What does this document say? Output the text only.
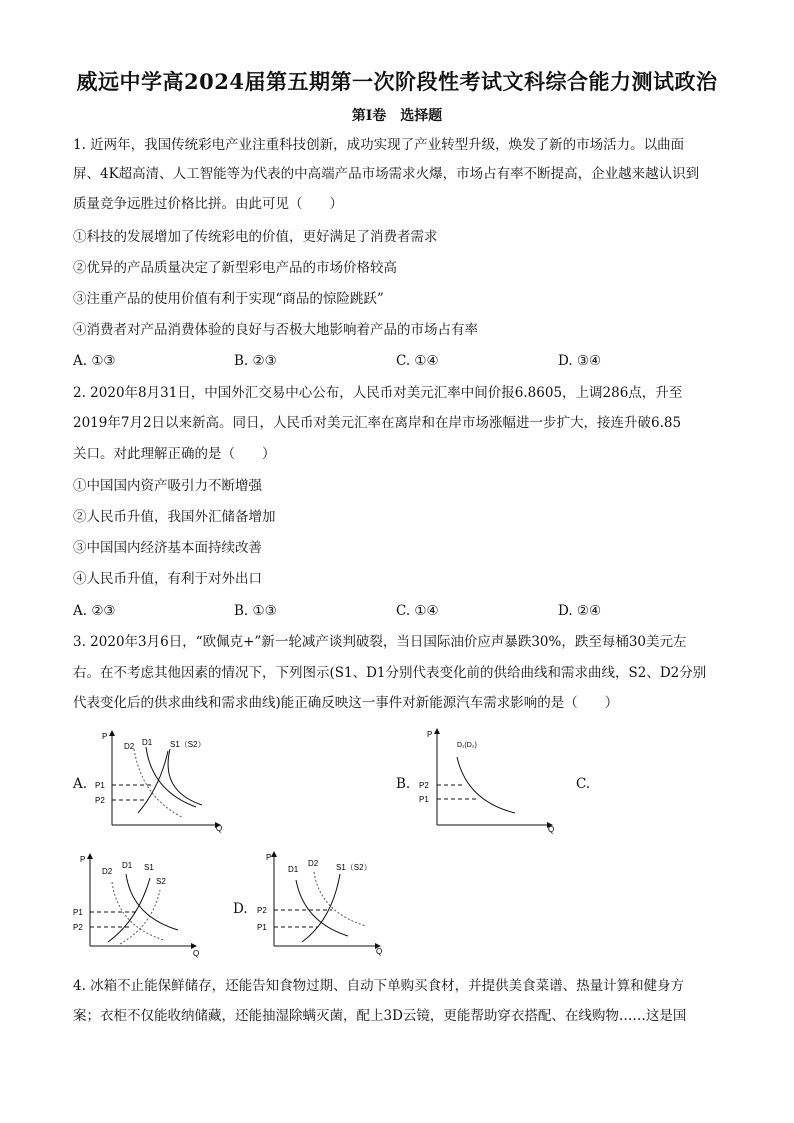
威远中学高2024届第五期第一次阶段性考试文科综合能力测试政治
第Ⅰ卷　选择题
1. 近两年，我国传统彩电产业注重科技创新，成功实现了产业转型升级，焕发了新的市场活力。以曲面
屏、4K超高清、人工智能等为代表的中高端产品市场需求火爆，市场占有率不断提高，企业越来越认识到
质量竞争远胜过价格比拼。由此可见（　　）
①科技的发展增加了传统彩电的价值，更好满足了消费者需求
②优异的产品质量决定了新型彩电产品的市场价格较高
③注重产品的使用价值有利于实现“商品的惊险跳跃”
④消费者对产品消费体验的良好与否极大地影响着产品的市场占有率
A. ①③	B. ②③	C. ①④	D. ③④
2. 2020年8月31日，中国外汇交易中心公布，人民币对美元汇率中间价报6.8605，上调286点，升至
2019年7月2日以来新高。同日，人民币对美元汇率在离岸和在岸市场涨幅进一步扩大，接连升破6.85
关口。对此理解正确的是（　　）
①中国国内资产吸引力不断增强
②人民币升值，我国外汇储备增加
③中国国内经济基本面持续改善
④人民币升值，有利于对外出口
A. ②③	B. ①③	C. ①④	D. ②④
3. 2020年3月6日，“欧佩克+”新一轮减产谈判破裂，当日国际油价应声暴跌30%，跌至每桶30美元左
右。在不考虑其他因素的情况下，下列图示(S1、D1分别代表变化前的供给曲线和需求曲线，S2、D2分别
代表变化后的供求曲线和需求曲线)能正确反映这一事件对新能源汽车需求影响的是（　　）
A.	B.	C.
D.
P
Q
D2 D1 S1（S2）
P1
P2
P
Q
D₁(D₂)
P2
P1
P
Q
D2
D1 S1
S2
P1
P2
P
Q
D1
D2 S1（S2）
P2
P1
4. 冰箱不止能保鲜储存，还能告知食物过期、自动下单购买食材，并提供美食菜谱、热量计算和健身方
案；衣柜不仅能收纳储藏，还能抽湿除螨灭菌，配上3D云镜，更能帮助穿衣搭配、在线购物……这是国
